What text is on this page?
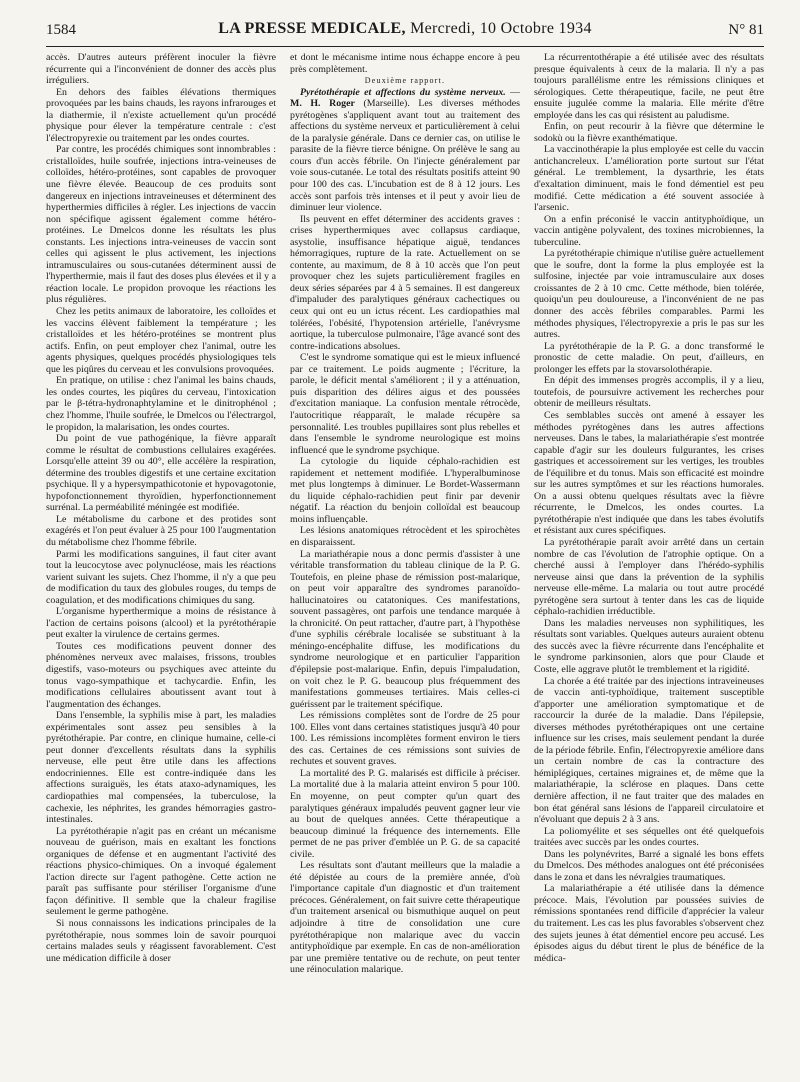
1584	LA PRESSE MEDICALE, Mercredi, 10 Octobre 1934	N° 81

accès. D'autres auteurs préfèrent inoculer la fièvre récurrente qui a l'inconvénient de donner des accès plus irréguliers.

En dehors des faibles élévations thermiques provoquées par les bains chauds, les rayons infrarouges et la diathermie, il n'existe actuellement qu'un procédé physique pour élever la température centrale : c'est l'électropyrexie ou traitement par les ondes courtes.

Par contre, les procédés chimiques sont innombrables : cristalloïdes, huile soufrée, injections intra-veineuses de colloïdes, hétéro-protéines, sont capables de provoquer une fièvre élevée. Beaucoup de ces produits sont dangereux en injections intraveineuses et déterminent des hyperthermies difficiles à régler. Les injections de vaccin non spécifique agissent également comme hétéro-protéines. Le Dmelcos donne les résultats les plus constants. Les injections intra-veineuses de vaccin sont celles qui agissent le plus activement, les injections intramusculaires ou sous-cutanées déterminent aussi de l'hyperthermie, mais il faut des doses plus élevées et il y a réaction locale. Le propidon provoque les réactions les plus régulières.

Chez les petits animaux de laboratoire, les colloïdes et les vaccins élèvent faiblement la température ; les cristalloïdes et les hétéro-protéines se montrent plus actifs. Enfin, on peut employer chez l'animal, outre les agents physiques, quelques procédés physiologiques tels que les piqûres du cerveau et les convulsions provoquées.

En pratique, on utilise : chez l'animal les bains chauds, les ondes courtes, les piqûres du cerveau, l'intoxication par le β-tétra-hydronaphtylamine et le dinitrophénol ; chez l'homme, l'huile soufrée, le Dmelcos ou l'électrargol, le propidon, la malarisation, les ondes courtes.

Du point de vue pathogénique, la fièvre apparaît comme le résultat de combustions cellulaires exagérées. Lorsqu'elle atteint 39 ou 40°, elle accélère la respiration, détermine des troubles digestifs et une certaine excitation psychique. Il y a hypersympathicotonie et hypovagotonie, hypofonctionnement thyroïdien, hyperfonctionnement surrénal. La perméabilité méningée est modifiée.

Le métabolisme du carbone et des protides sont exagérés et l'on peut évaluer à 25 pour 100 l'augmentation du métabolisme chez l'homme fébrile.

Parmi les modifications sanguines, il faut citer avant tout la leucocytose avec polynucléose, mais les réactions varient suivant les sujets. Chez l'homme, il n'y a que peu de modification du taux des globules rouges, du temps de coagulation, et des modifications chimiques du sang.

L'organisme hyperthermique a moins de résistance à l'action de certains poisons (alcool) et la pyrétothérapie peut exalter la virulence de certains germes.

Toutes ces modifications peuvent donner des phénomènes nerveux avec malaises, frissons, troubles digestifs, vaso-moteurs ou psychiques avec atteinte du tonus vago-sympathique et tachycardie. Enfin, les modifications cellulaires aboutissent avant tout à l'augmentation des échanges.

Dans l'ensemble, la syphilis mise à part, les maladies expérimentales sont assez peu sensibles à la pyrétothérapie. Par contre, en clinique humaine, celle-ci peut donner d'excellents résultats dans la syphilis nerveuse, elle peut être utile dans les affections endocriniennes. Elle est contre-indiquée dans les affections suraiguës, les états ataxo-adynamiques, les cardiopathies mal compensées, la tuberculose, la cachexie, les néphrites, les grandes hémorragies gastro-intestinales.

La pyrétothérapie n'agit pas en créant un mécanisme nouveau de guérison, mais en exaltant les fonctions organiques de défense et en augmentant l'activité des réactions physico-chimiques. On a invoqué également l'action directe sur l'agent pathogène. Cette action ne paraît pas suffisante pour stériliser l'organisme d'une façon définitive. Il semble que la chaleur fragilise seulement le germe pathogène.

Si nous connaissons les indications principales de la pyrétothérapie, nous sommes loin de savoir pourquoi certains malades seuls y réagissent favorablement. C'est une médication difficile à doser

et dont le mécanisme intime nous échappe encore à peu près complètement.

Deuxième rapport.

Pyrétothérapie et affections du système nerveux. — M. H. Roger (Marseille). Les diverses méthodes pyrétogènes s'appliquent avant tout au traitement des affections du système nerveux et particulièrement à celui de la paralysie générale. Dans ce dernier cas, on utilise le parasite de la fièvre tierce bénigne. On prélève le sang au cours d'un accès fébrile. On l'injecte généralement par voie sous-cutanée. Le total des résultats positifs atteint 90 pour 100 des cas. L'incubation est de 8 à 12 jours. Les accès sont parfois très intenses et il peut y avoir lieu de diminuer leur violence.

Ils peuvent en effet déterminer des accidents graves : crises hyperthermiques avec collapsus cardiaque, asystolie, insuffisance hépatique aiguë, tendances hémorragiques, rupture de la rate. Actuellement on se contente, au maximum, de 8 à 10 accès que l'on peut provoquer chez les sujets particulièrement fragiles en deux séries séparées par 4 à 5 semaines. Il est dangereux d'impaluder des paralytiques généraux cachectiques ou ceux qui ont eu un ictus récent. Les cardiopathies mal tolérées, l'obésité, l'hypotension artérielle, l'anévrysme aortique, la tuberculose pulmonaire, l'âge avancé sont des contre-indications absolues.

C'est le syndrome somatique qui est le mieux influencé par ce traitement. Le poids augmente ; l'écriture, la parole, le déficit mental s'améliorent ; il y a atténuation, puis disparition des délires aigus et des poussées d'excitation maniaque. La confusion mentale rétrocède, l'autocritique réapparaît, le malade récupère sa personnalité. Les troubles pupillaires sont plus rebelles et dans l'ensemble le syndrome neurologique est moins influencé que le syndrome psychique.

La cytologie du liquide céphalo-rachidien est rapidement et nettement modifiée. L'hyperalbuminose met plus longtemps à diminuer. Le Bordet-Wassermann du liquide céphalo-rachidien peut finir par devenir négatif. La réaction du benjoin colloïdal est beaucoup moins influençable.

Les lésions anatomiques rétrocèdent et les spirochètes en disparaissent.

La mariathérapie nous a donc permis d'assister à une véritable transformation du tableau clinique de la P. G. Toutefois, en pleine phase de rémission post-malarique, on peut voir apparaître des syndromes paranoïdo-hallucinatoires ou catatoniques. Ces manifestations, souvent passagères, ont parfois une tendance marquée à la chronicité. On peut rattacher, d'autre part, à l'hypothèse d'une syphilis cérébrale localisée se substituant à la méningo-encéphalite diffuse, les modifications du syndrome neurologique et en particulier l'apparition d'épilepsie post-malarique. Enfin, depuis l'impaludation, on voit chez le P. G. beaucoup plus fréquemment des manifestations gommeuses tertiaires. Mais celles-ci guérissent par le traitement spécifique.

Les rémissions complètes sont de l'ordre de 25 pour 100. Elles vont dans certaines statistiques jusqu'à 40 pour 100. Les rémissions incomplètes forment environ le tiers des cas. Certaines de ces rémissions sont suivies de rechutes et souvent graves.

La mortalité des P. G. malarisés est difficile à préciser. La mortalité due à la malaria atteint environ 5 pour 100. En moyenne, on peut compter qu'un quart des paralytiques généraux impaludés peuvent gagner leur vie au bout de quelques années. Cette thérapeutique a beaucoup diminué la fréquence des internements. Elle permet de ne pas priver d'emblée un P. G. de sa capacité civile.

Les résultats sont d'autant meilleurs que la maladie a été dépistée au cours de la première année, d'où l'importance capitale d'un diagnostic et d'un traitement précoces. Généralement, on fait suivre cette thérapeutique d'un traitement arsenical ou bismuthique auquel on peut adjoindre à titre de consolidation une cure pyrétothérapique non malarique avec du vaccin antityphoïdique par exemple. En cas de non-amélioration par une première tentative ou de rechute, on peut tenter une réinoculation malarique.

La récurrentothérapie a été utilisée avec des résultats presque équivalents à ceux de la malaria. Il n'y a pas toujours parallélisme entre les rémissions cliniques et sérologiques. Cette thérapeutique, facile, ne peut être ensuite jugulée comme la malaria. Elle mérite d'être employée dans les cas qui résistent au paludisme.

Enfin, on peut recourir à la fièvre que détermine le sodokù ou la fièvre exanthématique.

La vaccinothérapie la plus employée est celle du vaccin antichancreleux. L'amélioration porte surtout sur l'état général. Le tremblement, la dysarthrie, les états d'exaltation diminuent, mais le fond démentiel est peu modifié. Cette médication a été souvent associée à l'arsenic.

On a enfin préconisé le vaccin antityphoïdique, un vaccin antigène polyvalent, des toxines microbiennes, la tuberculine.

La pyrétothérapie chimique n'utilise guère actuellement que le soufre, dont la forme la plus employée est la sulfosine, injectée par voie intramusculaire aux doses croissantes de 2 à 10 cmc. Cette méthode, bien tolérée, quoiqu'un peu douloureuse, a l'inconvénient de ne pas donner des accès fébriles comparables. Parmi les méthodes physiques, l'électropyrexie a pris le pas sur les autres.

La pyrétothérapie de la P. G. a donc transformé le pronostic de cette maladie. On peut, d'ailleurs, en prolonger les effets par la stovarsolothérapie.

En dépit des immenses progrès accomplis, il y a lieu, toutefois, de poursuivre activement les recherches pour obtenir de meilleurs résultats.

Ces semblables succès ont amené à essayer les méthodes pyrétogènes dans les autres affections nerveuses. Dans le tabes, la malariathérapie s'est montrée capable d'agir sur les douleurs fulgurantes, les crises gastriques et accessoirement sur les vertiges, les troubles de l'équilibre et du tonus. Mais son efficacité est moindre sur les autres symptômes et sur les réactions humorales. On a aussi obtenu quelques résultats avec la fièvre récurrente, le Dmelcos, les ondes courtes. La pyrétothérapie n'est indiquée que dans les tabes évolutifs et résistant aux cures spécifiques.

La pyrétothérapie paraît avoir arrêté dans un certain nombre de cas l'évolution de l'atrophie optique. On a cherché aussi à l'employer dans l'hérédo-syphilis nerveuse ainsi que dans la prévention de la syphilis nerveuse elle-même. La malaria ou tout autre procédé pyrétogène sera surtout à tenter dans les cas de liquide céphalo-rachidien irréductible.

Dans les maladies nerveuses non syphilitiques, les résultats sont variables. Quelques auteurs auraient obtenu des succès avec la fièvre récurrente dans l'encéphalite et le syndrome parkinsonien, alors que pour Claude et Coste, elle aggrave plutôt le tremblement et la rigidité.

La chorée a été traitée par des injections intraveineuses de vaccin anti-typhoïdique, traitement susceptible d'apporter une amélioration symptomatique et de raccourcir la durée de la maladie. Dans l'épilepsie, diverses méthodes pyrétothérapiques ont une certaine influence sur les crises, mais seulement pendant la durée de la période fébrile. Enfin, l'électropyrexie améliore dans un certain nombre de cas la contracture des hémiplégiques, certaines migraines et, de même que la malariathérapie, la sclérose en plaques. Dans cette dernière affection, il ne faut traiter que des malades en bon état général sans lésions de l'appareil circulatoire et n'évoluant que depuis 2 à 3 ans.

La poliomyélite et ses séquelles ont été quelquefois traitées avec succès par les ondes courtes.

Dans les polynévrites, Barré a signalé les bons effets du Dmelcos. Des méthodes analogues ont été préconisées dans le zona et dans les névralgies traumatiques.

La malariathérapie a été utilisée dans la démence précoce. Mais, l'évolution par poussées suivies de rémissions spontanées rend difficile d'apprécier la valeur du traitement. Les cas les plus favorables s'observent chez des sujets jeunes à état démentiel encore peu accusé. Les épisodes aigus du début tirent le plus de bénéfice de la médica-
